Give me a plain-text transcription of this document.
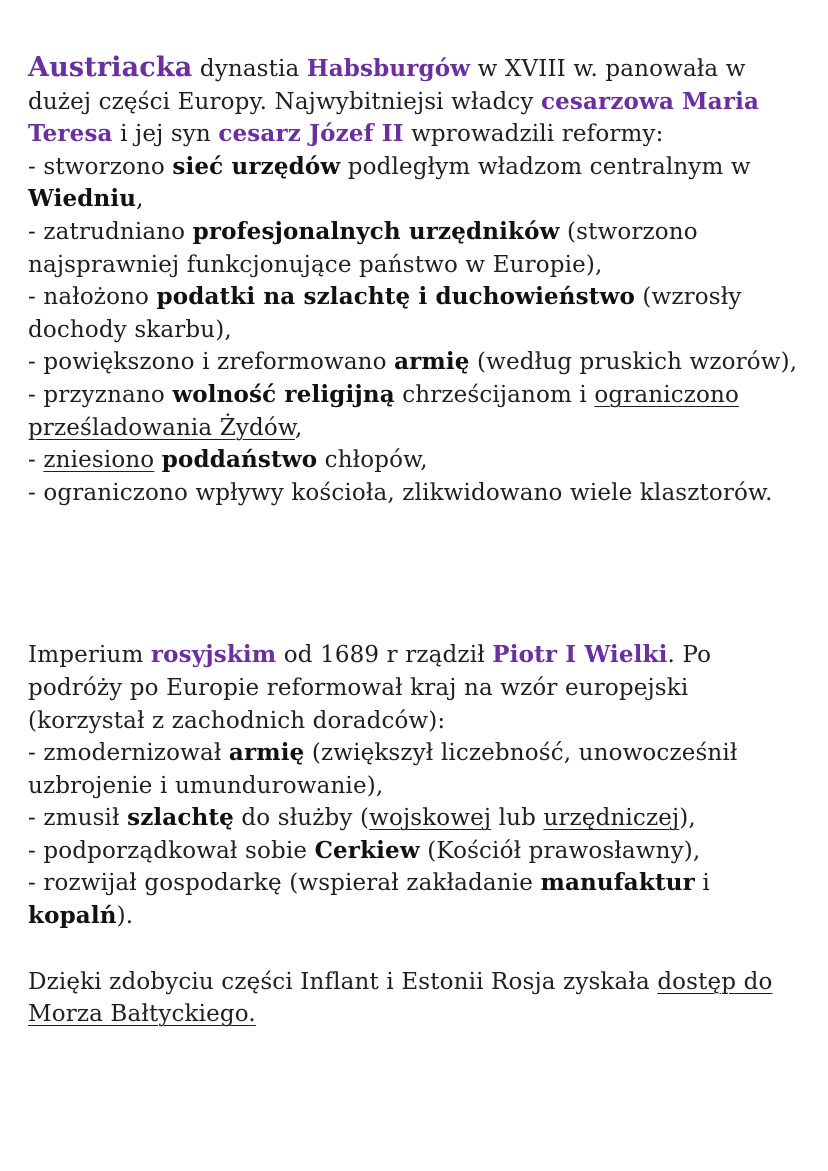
Austriacka dynastia Habsburgów w XVIII w. panowała w dużej części Europy. Najwybitniejsi władcy cesarzowa Maria Teresa i jej syn cesarz Józef II wprowadzili reformy:

- stworzono sieć urzędów podległym władzom centralnym w Wiedniu,

- zatrudniano profesjonalnych urzędników (stworzono najsprawniej funkcjonujące państwo w Europie),

- nałożono podatki na szlachtę i duchowieństwo (wzrosły dochody skarbu),

- powiększono i zreformowano armię (według pruskich wzorów),

- przyznano wolność religijną chrześcijanom i ograniczono prześladowania Żydów,

- zniesiono poddaństwo chłopów,

- ograniczono wpływy kościoła, zlikwidowano wiele klasztorów.

Imperium rosyjskim od 1689 r rządził Piotr I Wielki. Po podróży po Europie reformował kraj na wzór europejski (korzystał z zachodnich doradców):

- zmodernizował armię (zwiększył liczebność, unowocześnił uzbrojenie i umundurowanie),

- zmusił szlachtę do służby (wojskowej lub urzędniczej),

- podporządkował sobie Cerkiew (Kościół prawosławny),

- rozwijał gospodarkę (wspierał zakładanie manufaktur i kopalń).

Dzięki zdobyciu części Inflant i Estonii Rosja zyskała dostęp do Morza Bałtyckiego.
